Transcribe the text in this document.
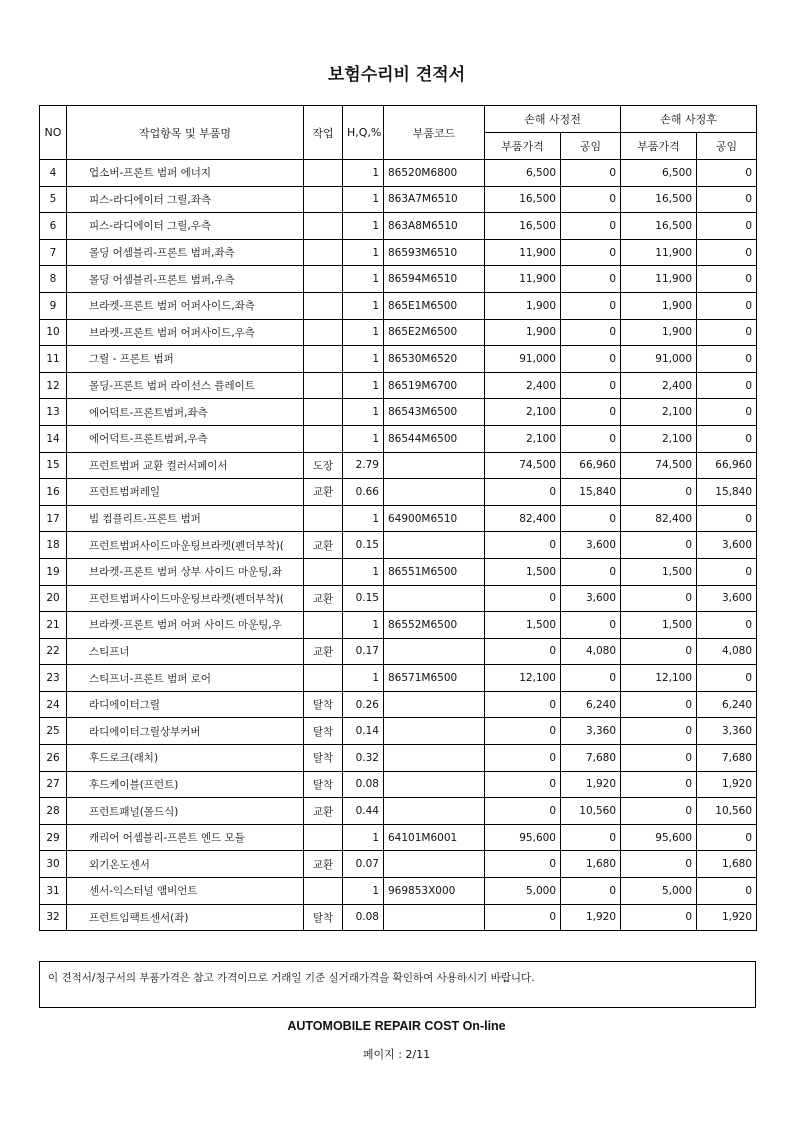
보험수리비 견적서
NO	작업항목 및 부품명	작업	H,Q,%	부품코드	손해 사정전		손해 사정후	
					부품가격	공임	부품가격	공임
4	업소버-프론트 범퍼 에너지		1	86520M6800	6,500	0	6,500	0
5	피스-라디에이터 그릴,좌측		1	863A7M6510	16,500	0	16,500	0
6	피스-라디에이터 그릴,우측		1	863A8M6510	16,500	0	16,500	0
7	몰딩 어셈블리-프론트 범퍼,좌측		1	86593M6510	11,900	0	11,900	0
8	몰딩 어셈블리-프론트 범퍼,우측		1	86594M6510	11,900	0	11,900	0
9	브라켓-프론트 범퍼 어퍼사이드,좌측		1	865E1M6500	1,900	0	1,900	0
10	브라켓-프론트 범퍼 어퍼사이드,우측		1	865E2M6500	1,900	0	1,900	0
11	그릴 - 프론트 범퍼		1	86530M6520	91,000	0	91,000	0
12	몰딩-프론트 범퍼 라이선스 플레이트		1	86519M6700	2,400	0	2,400	0
13	에어덕트-프론트범퍼,좌측		1	86543M6500	2,100	0	2,100	0
14	에어덕트-프론트범퍼,우측		1	86544M6500	2,100	0	2,100	0
15	프런트범퍼 교환 컬러서페이서	도장	2.79		74,500	66,960	74,500	66,960
16	프런트범퍼레일	교환	0.66		0	15,840	0	15,840
17	빔 컴플리트-프론트 범퍼		1	64900M6510	82,400	0	82,400	0
18	프런트범퍼사이드마운팅브라켓(펜더부착)(	교환	0.15		0	3,600	0	3,600
19	브라켓-프론트 범퍼 상부 사이드 마운팅,좌		1	86551M6500	1,500	0	1,500	0
20	프런트범퍼사이드마운팅브라켓(펜더부착)(	교환	0.15		0	3,600	0	3,600
21	브라켓-프론트 범퍼 어퍼 사이드 마운팅,우		1	86552M6500	1,500	0	1,500	0
22	스티프너	교환	0.17		0	4,080	0	4,080
23	스티프너-프론트 범퍼 로어		1	86571M6500	12,100	0	12,100	0
24	라디에이터그릴	탈착	0.26		0	6,240	0	6,240
25	라디에이터그릴상부커버	탈착	0.14		0	3,360	0	3,360
26	후드로크(래치)	탈착	0.32		0	7,680	0	7,680
27	후드케이블(프런트)	탈착	0.08		0	1,920	0	1,920
28	프런트패널(몰드식)	교환	0.44		0	10,560	0	10,560
29	캐리어 어셈블리-프론트 엔드 모듈		1	64101M6001	95,600	0	95,600	0
30	외기온도센서	교환	0.07		0	1,680	0	1,680
31	센서-익스터널 앰비언트		1	969853X000	5,000	0	5,000	0
32	프런트임팩트센서(좌)	탈착	0.08		0	1,920	0	1,920
이 견적서/청구서의 부품가격은 참고 가격이므로 거래일 기준 실거래가격을 확인하여 사용하시기 바랍니다.
AUTOMOBILE REPAIR COST On-line
페이지 : 2/11
